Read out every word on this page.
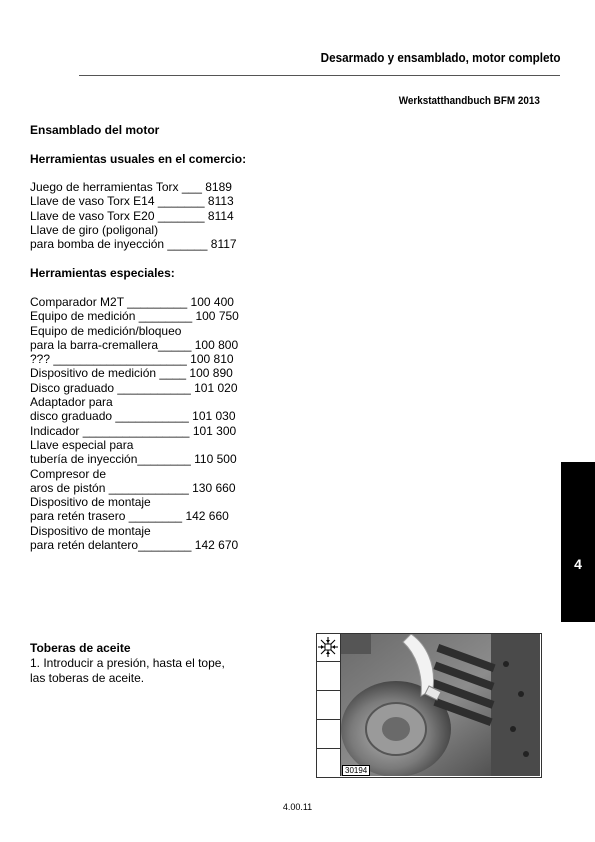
Desarmado y ensamblado, motor completo
Werkstatthandbuch BFM 2013
Ensamblado del motor
Herramientas usuales en el comercio:
Juego de herramientas Torx ___ 8189
Llave de vaso Torx E14 _______ 8113
Llave de vaso Torx E20 _______ 8114
Llave de giro (poligonal)
para bomba de inyección ______ 8117
Herramientas especiales:
Comparador M2T _________ 100 400
Equipo de medición ________ 100 750
Equipo de medición/bloqueo
para la barra-cremallera_____ 100 800
??? ____________________ 100 810
Dispositivo de medición ____ 100 890
Disco graduado ___________ 101 020
Adaptador para
disco graduado ___________ 101 030
Indicador ________________ 101 300
Llave especial para
tubería de inyección________ 110 500
Compresor de
aros de pistón ____________ 130 660
Dispositivo de montaje
para retén trasero ________ 142 660
Dispositivo de montaje
para retén delantero________ 142 670
4
Toberas de aceite
1. Introducir a presión, hasta el tope,
las toberas de aceite.
30194
4.00.11
